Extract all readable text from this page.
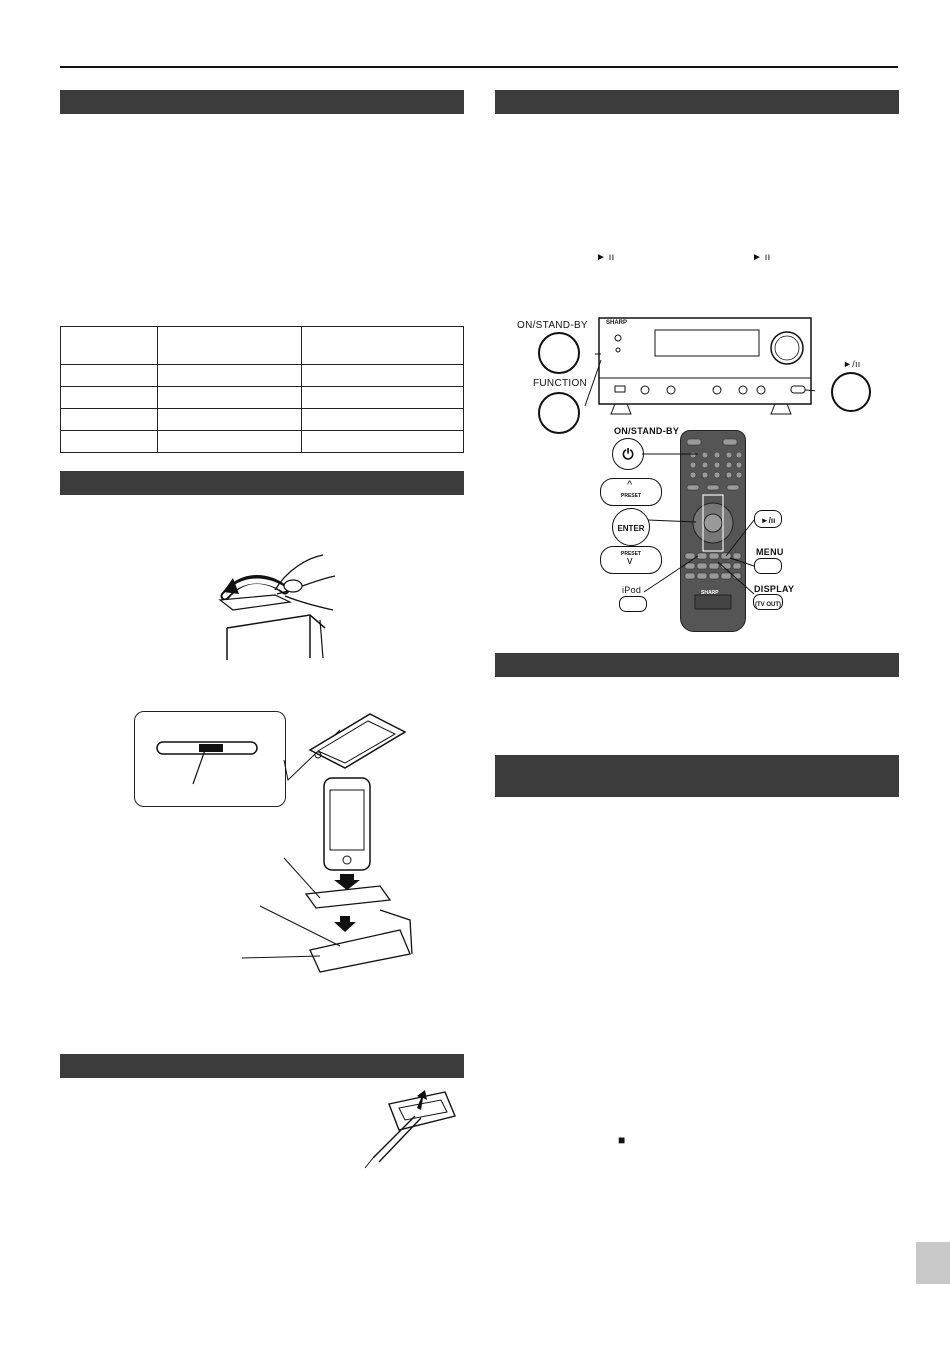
► ıı	► ıı
ON/STAND-BY
FUNCTION
SHARP
►/ıı
SHARP
ON/STAND-BY
⏻
^
PRESET
ENTER
PRESET
v
iPod
►/ıı
MENU
DISPLAY
(TV OUT)
■
